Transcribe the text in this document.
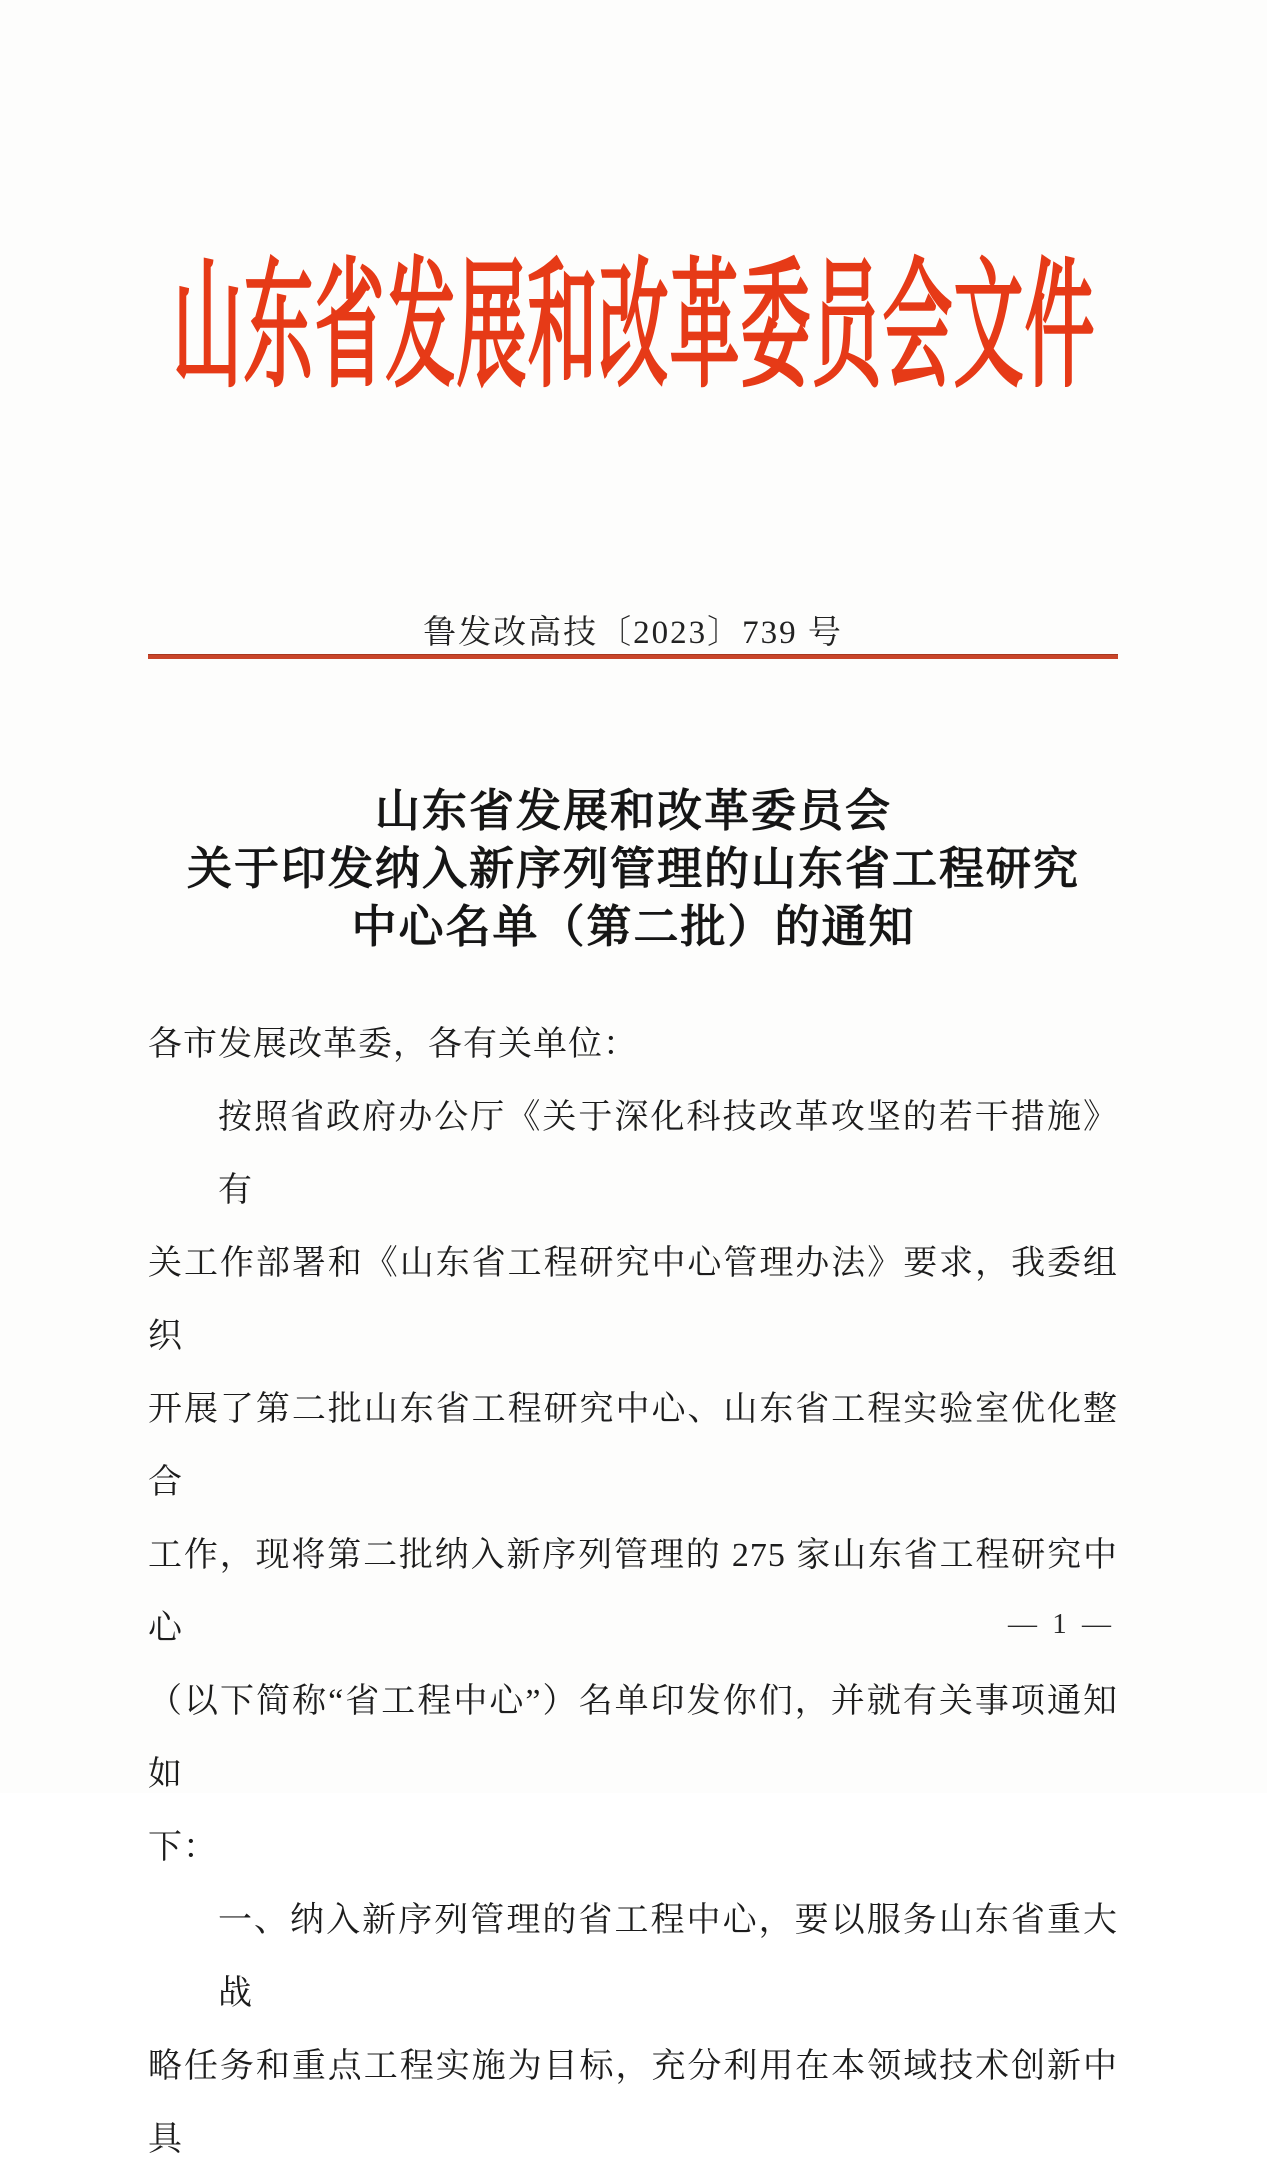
山东省发展和改革委员会文件
鲁发改高技〔2023〕739 号
山东省发展和改革委员会
关于印发纳入新序列管理的山东省工程研究
中心名单（第二批）的通知
各市发展改革委，各有关单位：
按照省政府办公厅《关于深化科技改革攻坚的若干措施》有
关工作部署和《山东省工程研究中心管理办法》要求，我委组织
开展了第二批山东省工程研究中心、山东省工程实验室优化整合
工作，现将第二批纳入新序列管理的 275 家山东省工程研究中心
（以下简称“省工程中心”）名单印发你们，并就有关事项通知如
下：
一、纳入新序列管理的省工程中心，要以服务山东省重大战
略任务和重点工程实施为目标，充分利用在本领域技术创新中具
— 1 —
